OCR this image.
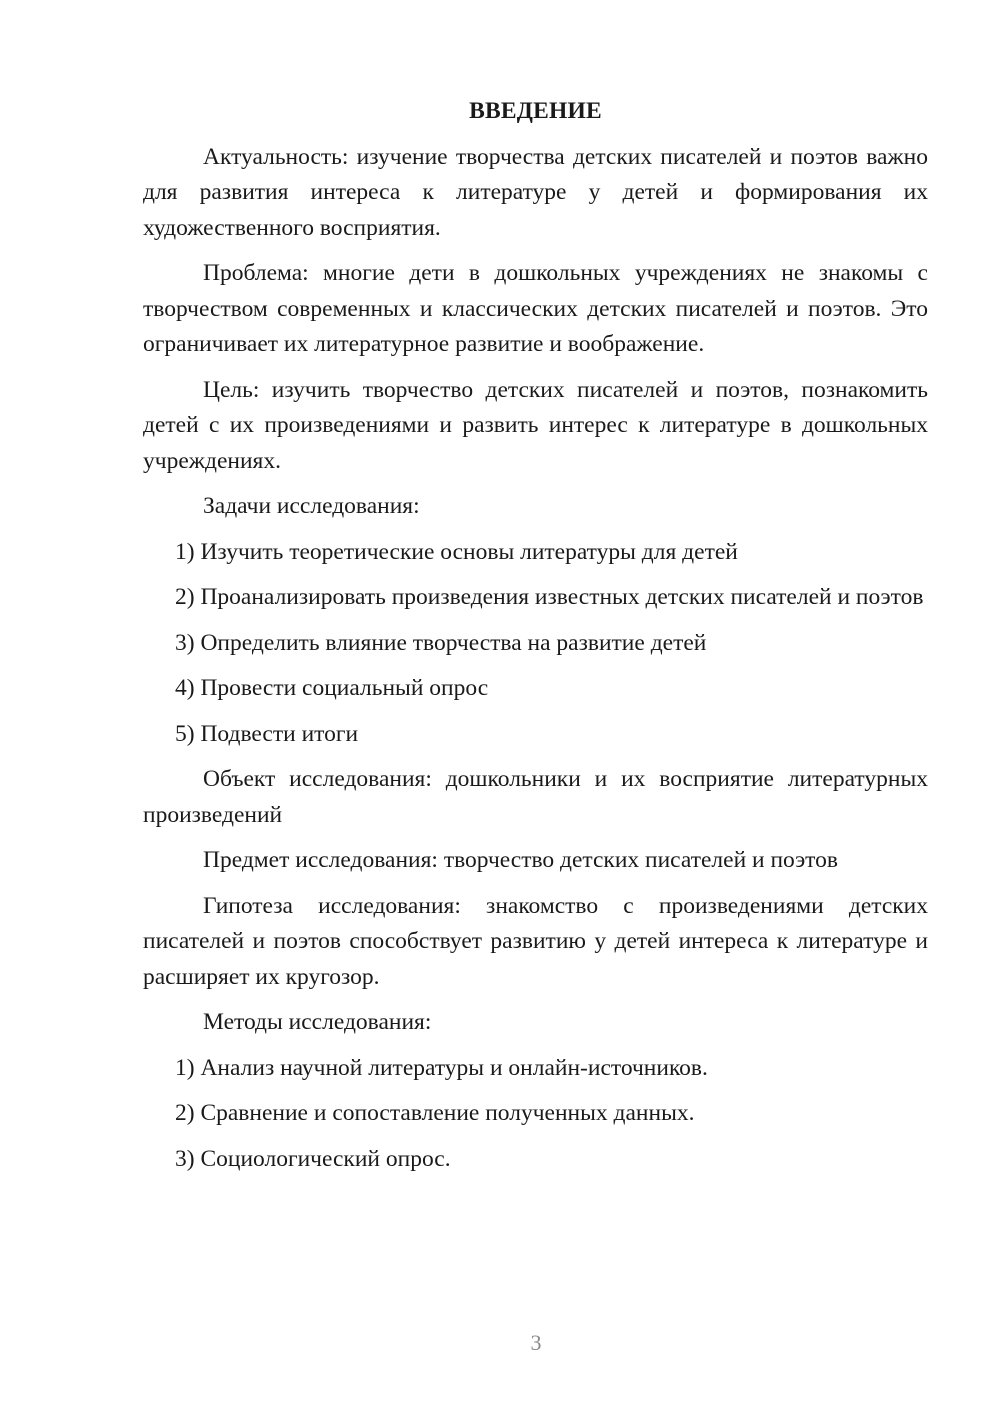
ВВЕДЕНИЕ

Актуальность: изучение творчества детских писателей и поэтов важно для развития интереса к литературе у детей и формирования их художественного восприятия.

Проблема: многие дети в дошкольных учреждениях не знакомы с творчеством современных и классических детских писателей и поэтов. Это ограничивает их литературное развитие и воображение.

Цель: изучить творчество детских писателей и поэтов, познакомить детей с их произведениями и развить интерес к литературе в дошкольных учреждениях.

Задачи исследования:

1) Изучить теоретические основы литературы для детей

2) Проанализировать произведения известных детских писателей и поэтов

3) Определить влияние творчества на развитие детей

4) Провести социальный опрос

5) Подвести итоги

Объект исследования: дошкольники и их восприятие литературных произведений

Предмет исследования: творчество детских писателей и поэтов

Гипотеза исследования: знакомство с произведениями детских писателей и поэтов способствует развитию у детей интереса к литературе и расширяет их кругозор.

Методы исследования:

1) Анализ научной литературы и онлайн-источников.

2) Сравнение и сопоставление полученных данных.

3) Социологический опрос.

3
